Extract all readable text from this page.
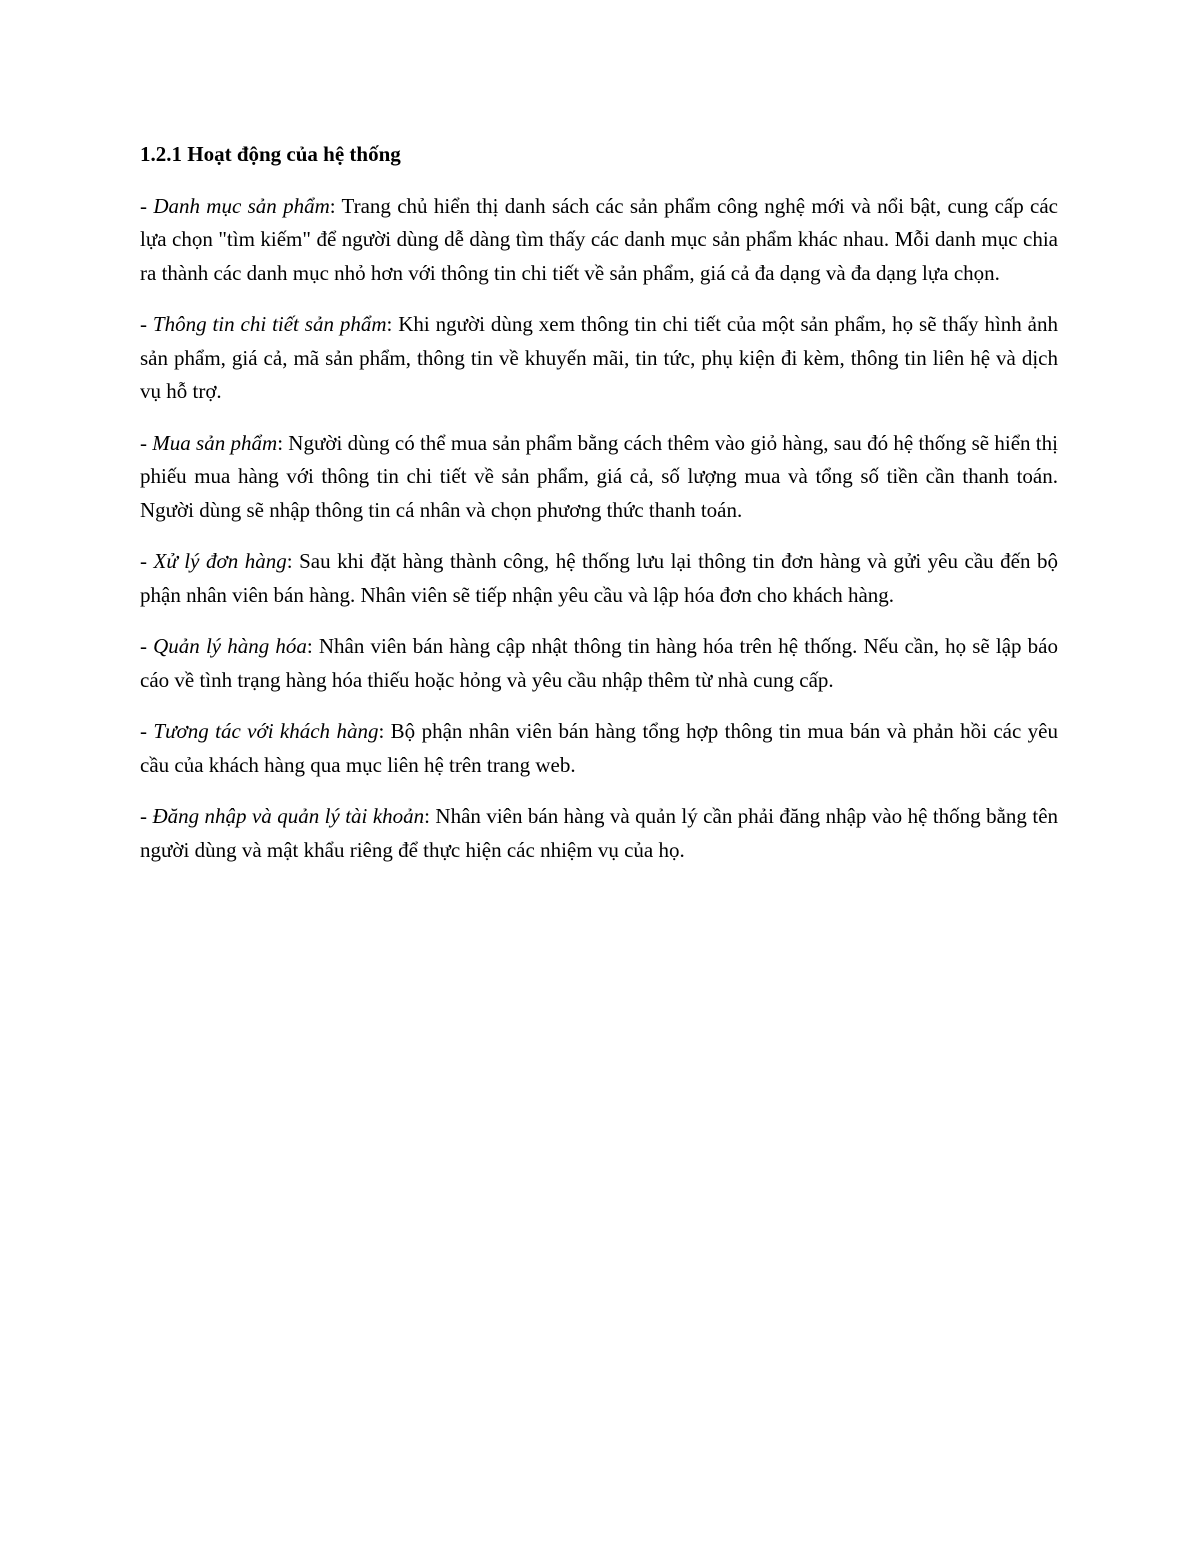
1.2.1 Hoạt động của hệ thống

- Danh mục sản phẩm: Trang chủ hiển thị danh sách các sản phẩm công nghệ mới và nổi bật, cung cấp các lựa chọn "tìm kiếm" để người dùng dễ dàng tìm thấy các danh mục sản phẩm khác nhau. Mỗi danh mục chia ra thành các danh mục nhỏ hơn với thông tin chi tiết về sản phẩm, giá cả đa dạng và đa dạng lựa chọn.

- Thông tin chi tiết sản phẩm: Khi người dùng xem thông tin chi tiết của một sản phẩm, họ sẽ thấy hình ảnh sản phẩm, giá cả, mã sản phẩm, thông tin về khuyến mãi, tin tức, phụ kiện đi kèm, thông tin liên hệ và dịch vụ hỗ trợ.

- Mua sản phẩm: Người dùng có thể mua sản phẩm bằng cách thêm vào giỏ hàng, sau đó hệ thống sẽ hiển thị phiếu mua hàng với thông tin chi tiết về sản phẩm, giá cả, số lượng mua và tổng số tiền cần thanh toán. Người dùng sẽ nhập thông tin cá nhân và chọn phương thức thanh toán.

- Xử lý đơn hàng: Sau khi đặt hàng thành công, hệ thống lưu lại thông tin đơn hàng và gửi yêu cầu đến bộ phận nhân viên bán hàng. Nhân viên sẽ tiếp nhận yêu cầu và lập hóa đơn cho khách hàng.

- Quản lý hàng hóa: Nhân viên bán hàng cập nhật thông tin hàng hóa trên hệ thống. Nếu cần, họ sẽ lập báo cáo về tình trạng hàng hóa thiếu hoặc hỏng và yêu cầu nhập thêm từ nhà cung cấp.

- Tương tác với khách hàng: Bộ phận nhân viên bán hàng tổng hợp thông tin mua bán và phản hồi các yêu cầu của khách hàng qua mục liên hệ trên trang web.

- Đăng nhập và quản lý tài khoản: Nhân viên bán hàng và quản lý cần phải đăng nhập vào hệ thống bằng tên người dùng và mật khẩu riêng để thực hiện các nhiệm vụ của họ.
